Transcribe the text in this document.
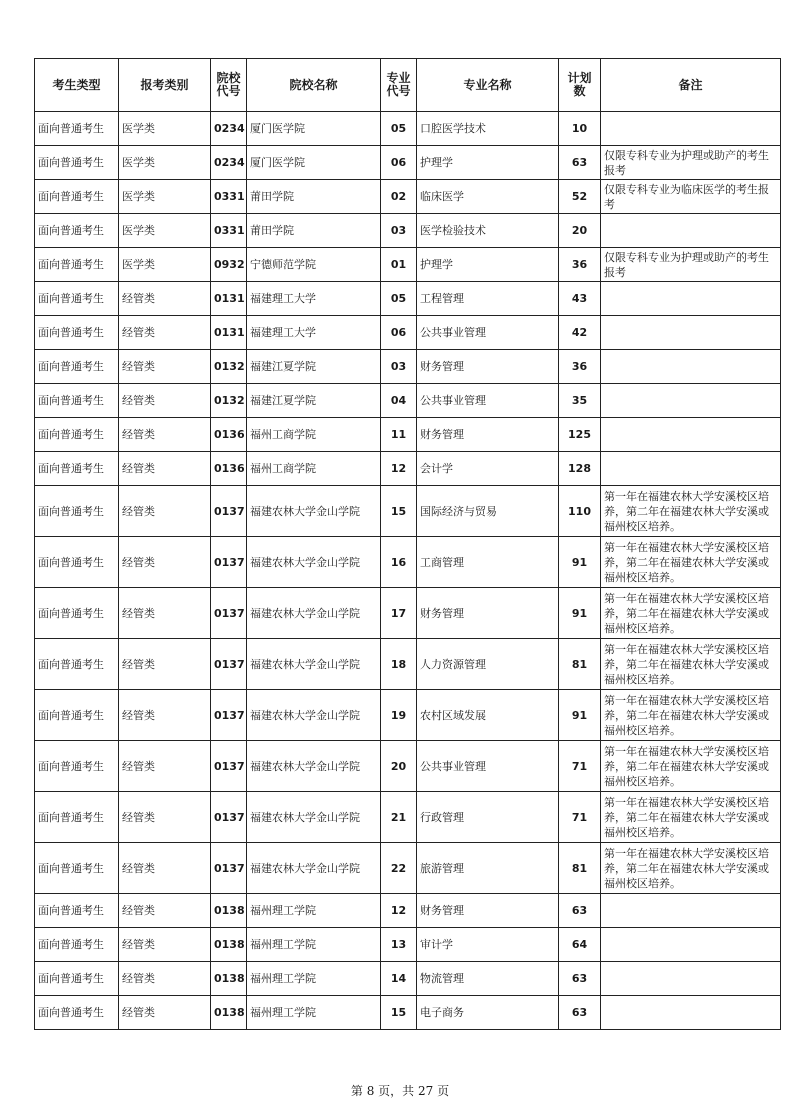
考生类型	报考类别	院校代号	院校名称	专业代号	专业名称	计划数	备注
面向普通考生	医学类	0234	厦门医学院	05	口腔医学技术	10	
面向普通考生	医学类	0234	厦门医学院	06	护理学	63	仅限专科专业为护理或助产的考生报考
面向普通考生	医学类	0331	莆田学院	02	临床医学	52	仅限专科专业为临床医学的考生报考
面向普通考生	医学类	0331	莆田学院	03	医学检验技术	20	
面向普通考生	医学类	0932	宁德师范学院	01	护理学	36	仅限专科专业为护理或助产的考生报考
面向普通考生	经管类	0131	福建理工大学	05	工程管理	43	
面向普通考生	经管类	0131	福建理工大学	06	公共事业管理	42	
面向普通考生	经管类	0132	福建江夏学院	03	财务管理	36	
面向普通考生	经管类	0132	福建江夏学院	04	公共事业管理	35	
面向普通考生	经管类	0136	福州工商学院	11	财务管理	125	
面向普通考生	经管类	0136	福州工商学院	12	会计学	128	
面向普通考生	经管类	0137	福建农林大学金山学院	15	国际经济与贸易	110	第一年在福建农林大学安溪校区培养，第二年在福建农林大学安溪或福州校区培养。
面向普通考生	经管类	0137	福建农林大学金山学院	16	工商管理	91	第一年在福建农林大学安溪校区培养，第二年在福建农林大学安溪或福州校区培养。
面向普通考生	经管类	0137	福建农林大学金山学院	17	财务管理	91	第一年在福建农林大学安溪校区培养，第二年在福建农林大学安溪或福州校区培养。
面向普通考生	经管类	0137	福建农林大学金山学院	18	人力资源管理	81	第一年在福建农林大学安溪校区培养，第二年在福建农林大学安溪或福州校区培养。
面向普通考生	经管类	0137	福建农林大学金山学院	19	农村区域发展	91	第一年在福建农林大学安溪校区培养，第二年在福建农林大学安溪或福州校区培养。
面向普通考生	经管类	0137	福建农林大学金山学院	20	公共事业管理	71	第一年在福建农林大学安溪校区培养，第二年在福建农林大学安溪或福州校区培养。
面向普通考生	经管类	0137	福建农林大学金山学院	21	行政管理	71	第一年在福建农林大学安溪校区培养，第二年在福建农林大学安溪或福州校区培养。
面向普通考生	经管类	0137	福建农林大学金山学院	22	旅游管理	81	第一年在福建农林大学安溪校区培养，第二年在福建农林大学安溪或福州校区培养。
面向普通考生	经管类	0138	福州理工学院	12	财务管理	63	
面向普通考生	经管类	0138	福州理工学院	13	审计学	64	
面向普通考生	经管类	0138	福州理工学院	14	物流管理	63	
面向普通考生	经管类	0138	福州理工学院	15	电子商务	63	
第 8 页，共 27 页
